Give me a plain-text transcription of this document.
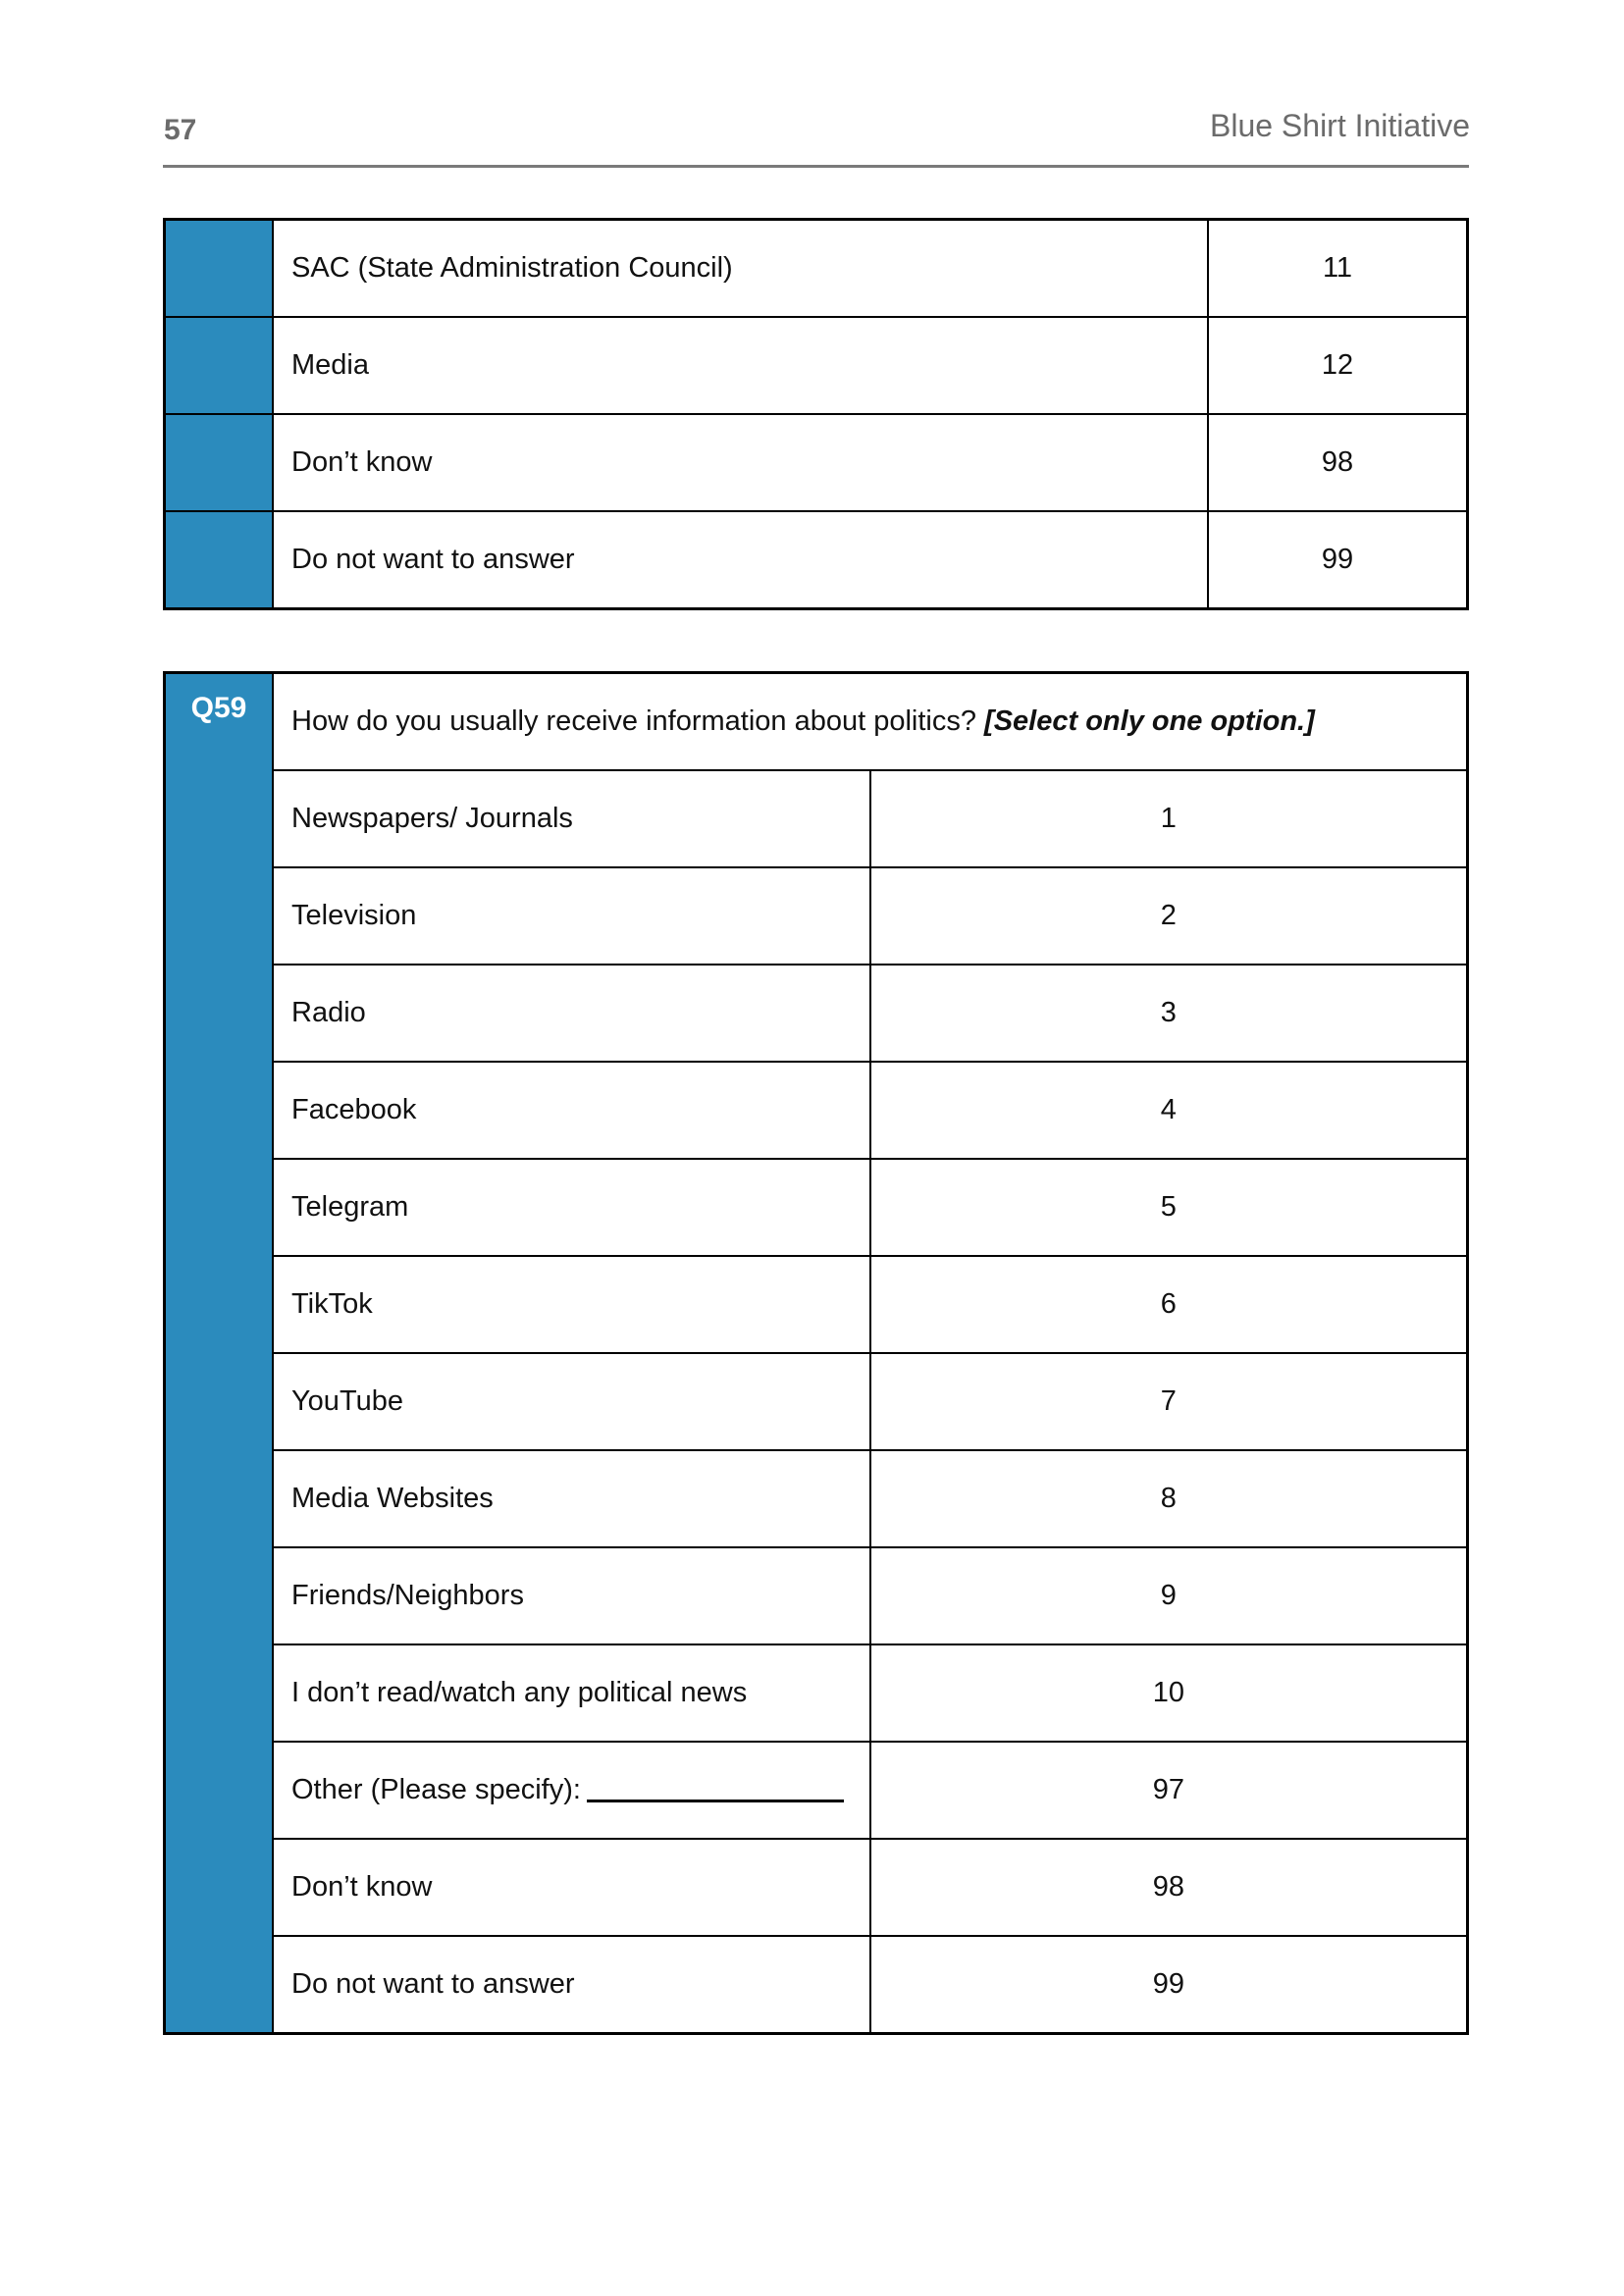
57	Blue Shirt Initiative
	SAC (State Administration Council)	11
	Media	12
	Don’t know	98
	Do not want to answer	99
Q59	How do you usually receive information about politics? [Select only one option.]	
	Newspapers/ Journals	1
	Television	2
	Radio	3
	Facebook	4
	Telegram	5
	TikTok	6
	YouTube	7
	Media Websites	8
	Friends/Neighbors	9
	I don’t read/watch any political news	10
	Other (Please specify):	97
	Don’t know	98
	Do not want to answer	99
